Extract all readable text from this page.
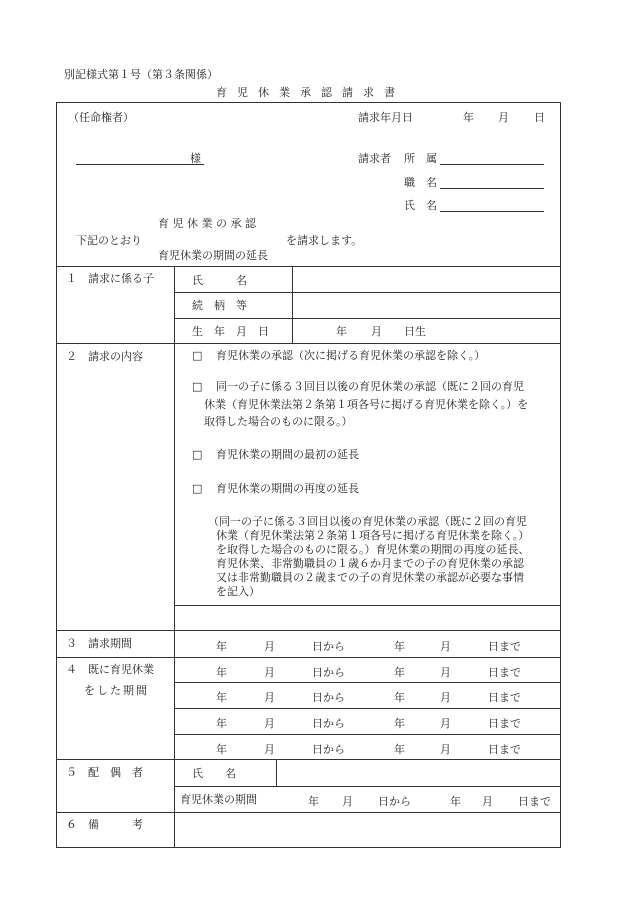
別記様式第１号（第３条関係）
育児休業承認請求書
（任命権者）	請求年月日	年 月 日
様	請求者 所　属
職　名
氏　名
育 児 休 業 の 承 認
下記のとおり	を請求します。
育児休業の期間の延長
１　請求に係る子	氏　　　名
続　柄　等
生　年　月　日	年 月 日生
２　請求の内容	□ 育児休業の承認（次に掲げる育児休業の承認を除く。）
□ 同一の子に係る３回目以後の育児休業の承認（既に２回の育児
休業（育児休業法第２条第１項各号に掲げる育児休業を除く。）を
取得した場合のものに限る。）
□ 育児休業の期間の最初の延長
□ 育児休業の期間の再度の延長
（同一の子に係る３回目以後の育児休業の承認（既に２回の育児
休業（育児休業法第２条第１項各号に掲げる育児休業を除く。）
を取得した場合のものに限る。）育児休業の期間の再度の延長、
育児休業、非常勤職員の１歳６か月までの子の育児休業の承認
又は非常勤職員の２歳までの子の育児休業の承認が必要な事情
を記入）
３　請求期間	年	月	日から	年	月	日まで
４　既に育児休業
をした期間
年	月	日から	年	月	日まで
年	月	日から	年	月	日まで
年	月	日から	年	月	日まで
年	月	日から	年	月	日まで
５　配　偶　者	氏　　名
育児休業の期間	年 月 日から	年 月 日まで
６　備　　　考
